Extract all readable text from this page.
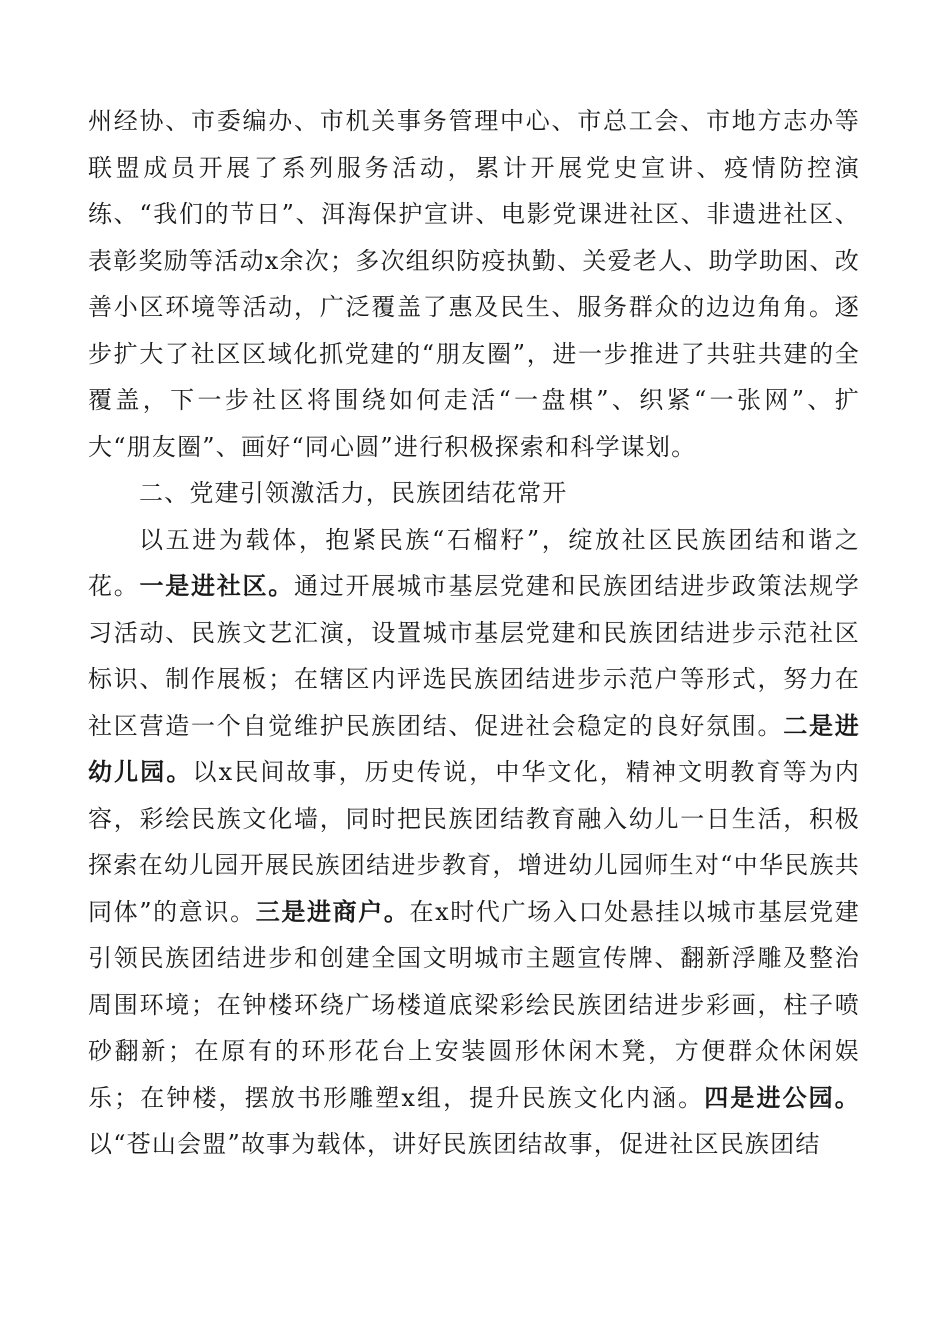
州经协、市委编办、市机关事务管理中心、市总工会、市地方志办等联盟成员开展了系列服务活动，累计开展党史宣讲、疫情防控演练、“我们的节日”、洱海保护宣讲、电影党课进社区、非遗进社区、表彰奖励等活动x余次；多次组织防疫执勤、关爱老人、助学助困、改善小区环境等活动，广泛覆盖了惠及民生、服务群众的边边角角。逐步扩大了社区区域化抓党建的“朋友圈”，进一步推进了共驻共建的全覆盖，下一步社区将围绕如何走活“一盘棋”、织紧“一张网”、扩大“朋友圈”、画好“同心圆”进行积极探索和科学谋划。

二、党建引领激活力，民族团结花常开

以五进为载体，抱紧民族“石榴籽”，绽放社区民族团结和谐之花。一是进社区。通过开展城市基层党建和民族团结进步政策法规学习活动、民族文艺汇演，设置城市基层党建和民族团结进步示范社区标识、制作展板；在辖区内评选民族团结进步示范户等形式，努力在社区营造一个自觉维护民族团结、促进社会稳定的良好氛围。二是进幼儿园。以x民间故事，历史传说，中华文化，精神文明教育等为内容，彩绘民族文化墙，同时把民族团结教育融入幼儿一日生活，积极探索在幼儿园开展民族团结进步教育，增进幼儿园师生对“中华民族共同体”的意识。三是进商户。在x时代广场入口处悬挂以城市基层党建引领民族团结进步和创建全国文明城市主题宣传牌、翻新浮雕及整治周围环境；在钟楼环绕广场楼道底梁彩绘民族团结进步彩画，柱子喷砂翻新；在原有的环形花台上安装圆形休闲木凳，方便群众休闲娱乐；在钟楼，摆放书形雕塑x组，提升民族文化内涵。四是进公园。以“苍山会盟”故事为载体，讲好民族团结故事，促进社区民族团结
